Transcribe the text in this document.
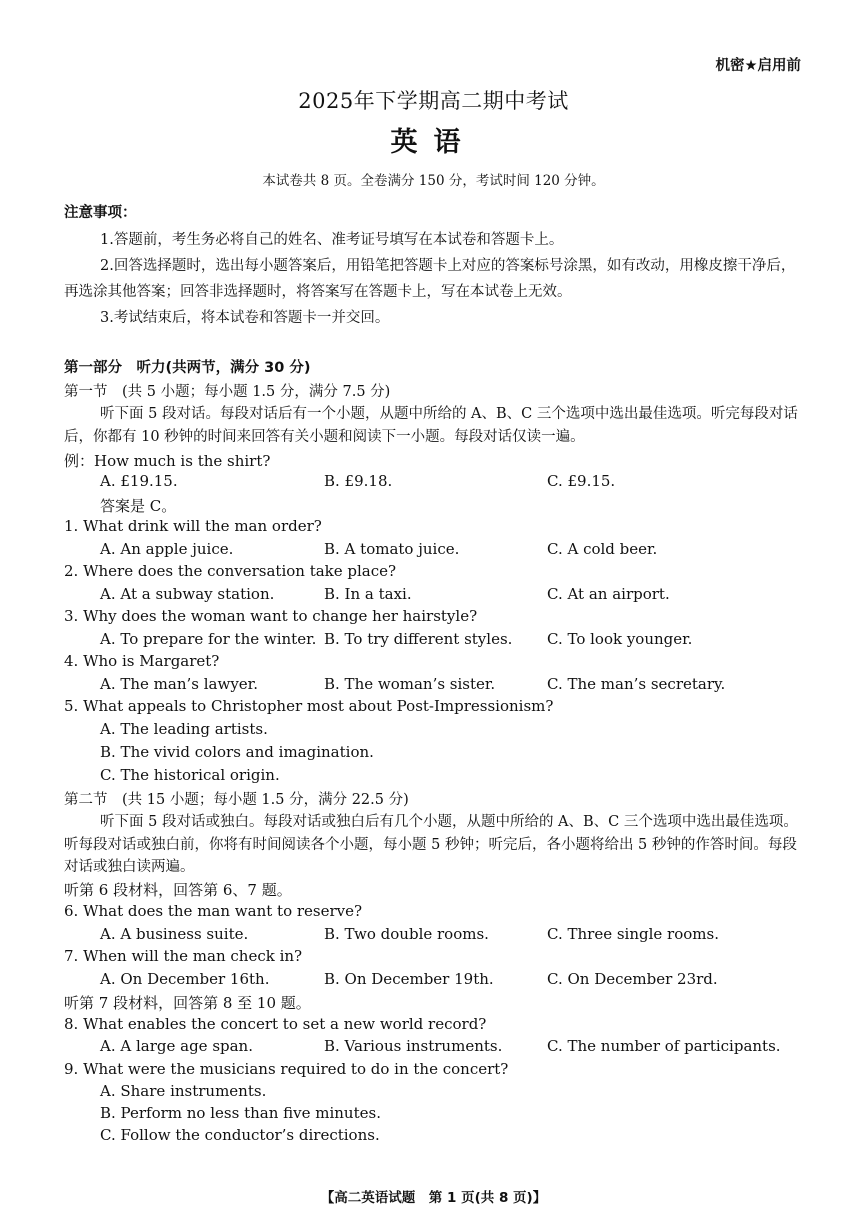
机密★启用前
2025年下学期高二期中考试
英语
本试卷共 8 页。全卷满分 150 分，考试时间 120 分钟。
注意事项：

1.答题前，考生务必将自己的姓名、准考证号填写在本试卷和答题卡上。

2.回答选择题时，选出每小题答案后，用铅笔把答题卡上对应的答案标号涂黑，如有改动，用橡皮擦干净后，再选涂其他答案；回答非选择题时，将答案写在答题卡上，写在本试卷上无效。

3.考试结束后，将本试卷和答题卡一并交回。

第一部分　听力(共两节，满分 30 分)
第一节　(共 5 小题；每小题 1.5 分，满分 7.5 分)

听下面 5 段对话。每段对话后有一个小题，从题中所给的 A、B、C 三个选项中选出最佳选项。听完每段对话后，你都有 10 秒钟的时间来回答有关小题和阅读下一小题。每段对话仅读一遍。

例：How much is the shirt?
A. £19.15.	B. £9.18.	C. £9.15.
答案是 C。
1. What drink will the man order?
A. An apple juice.	B. A tomato juice.	C. A cold beer.
2. Where does the conversation take place?
A. At a subway station.	B. In a taxi.	C. At an airport.
3. Why does the woman want to change her hairstyle?
A. To prepare for the winter. B. To try different styles. C. To look younger.
4. Who is Margaret?
A. The man’s lawyer.	B. The woman’s sister.	C. The man’s secretary.
5. What appeals to Christopher most about Post-Impressionism?
A. The leading artists.
B. The vivid colors and imagination.
C. The historical origin.
第二节　(共 15 小题；每小题 1.5 分，满分 22.5 分)

听下面 5 段对话或独白。每段对话或独白后有几个小题，从题中所给的 A、B、C 三个选项中选出最佳选项。听每段对话或独白前，你将有时间阅读各个小题，每小题 5 秒钟；听完后，各小题将给出 5 秒钟的作答时间。每段对话或独白读两遍。

听第 6 段材料，回答第 6、7 题。
6. What does the man want to reserve?
A. A business suite.	B. Two double rooms.	C. Three single rooms.
7. When will the man check in?
A. On December 16th.	B. On December 19th.	C. On December 23rd.
听第 7 段材料，回答第 8 至 10 题。
8. What enables the concert to set a new world record?
A. A large age span.	B. Various instruments.	C. The number of participants.
9. What were the musicians required to do in the concert?
A. Share instruments.
B. Perform no less than five minutes.
C. Follow the conductor’s directions.
【高二英语试题　第 1 页(共 8 页)】
